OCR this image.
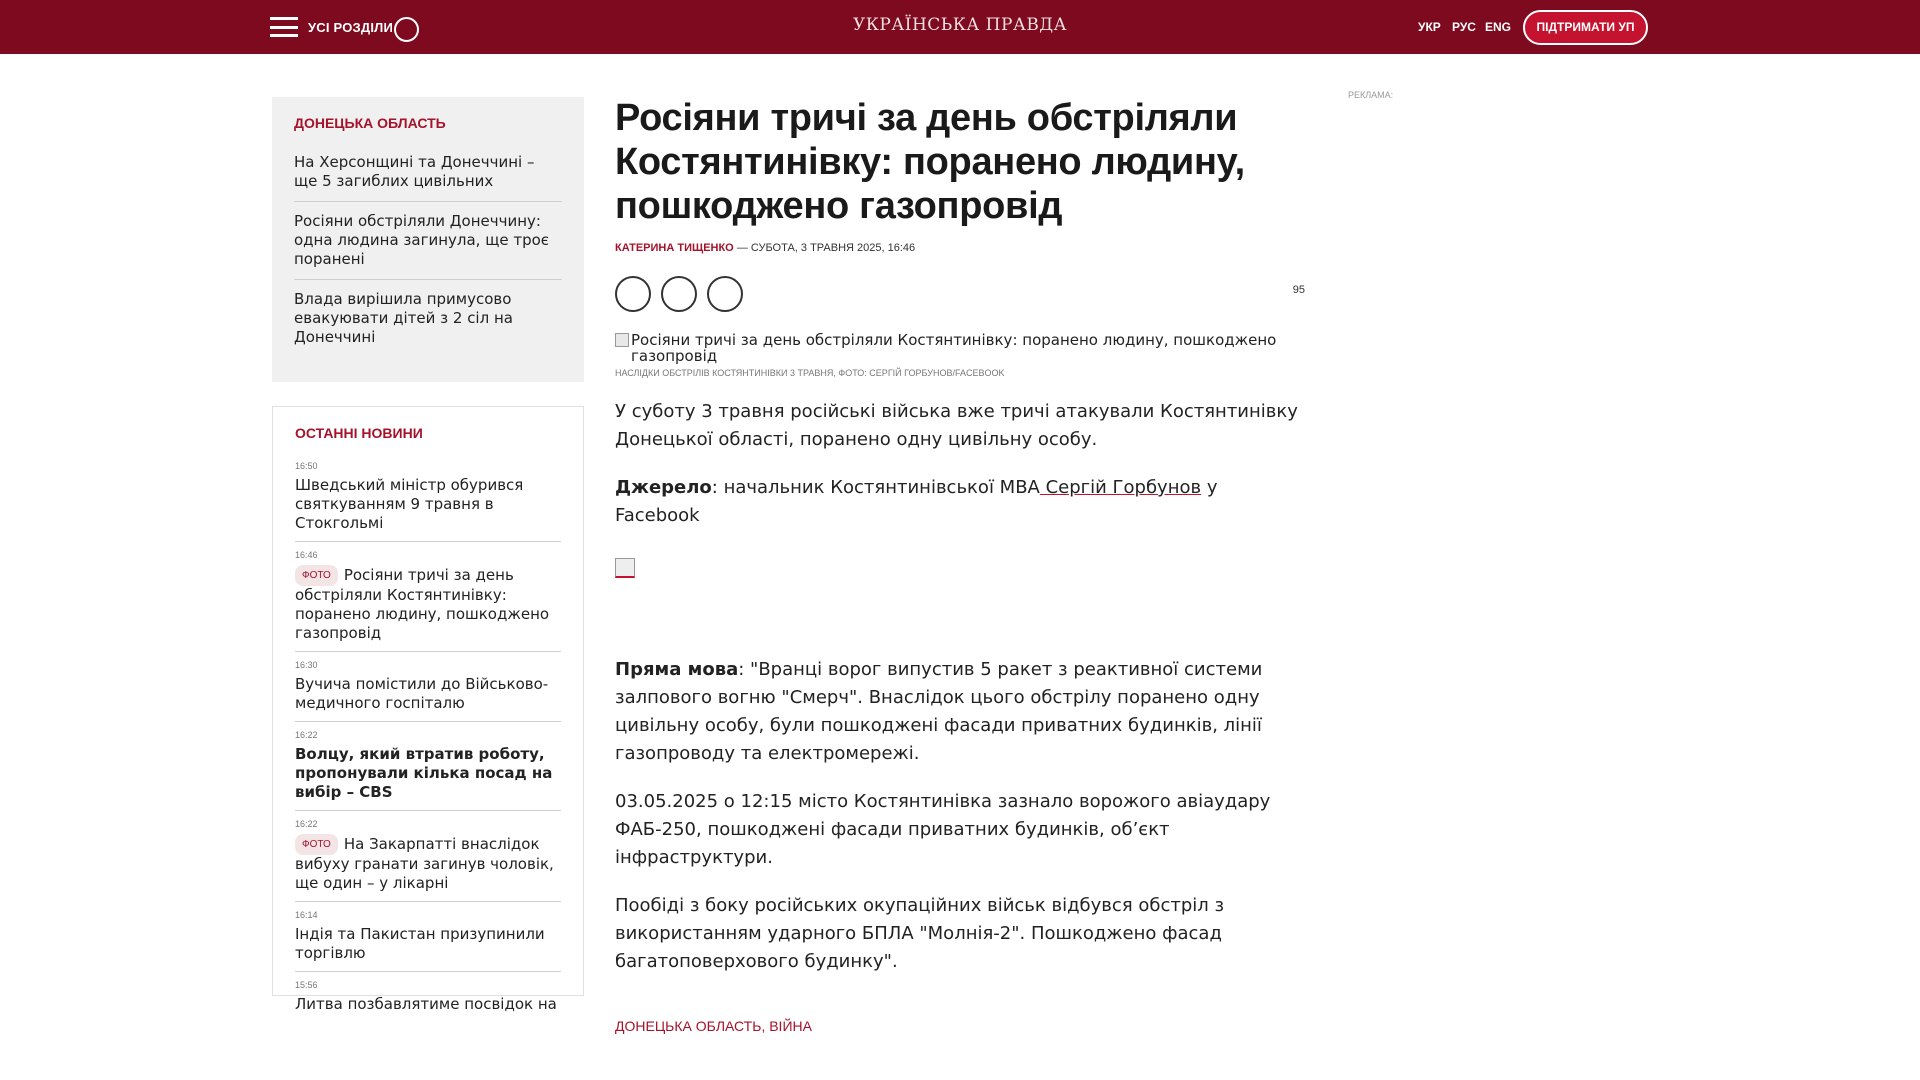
УСІ РОЗДІЛИ	УКРАЇНСЬКА ПРАВДА	УКР РУС ENG	ПІДТРИМАТИ УП
ДОНЕЦЬКА ОБЛАСТЬ
На Херсонщині та Донеччині – ще 5 загиблих цивільних
Росіяни обстріляли Донеччину: одна людина загинула, ще троє поранені
Влада вирішила примусово евакуювати дітей з 2 сіл на Донеччині
ОСТАННІ НОВИНИ
16:50
Шведський міністр обурився святкуванням 9 травня в Стокгольмі
16:46
ФОТО Росіяни тричі за день обстріляли Костянтинівку: поранено людину, пошкоджено газопровід
16:30
Вучича помістили до Військово-медичного госпіталю
16:22
Волцу, який втратив роботу, пропонували кілька посад на вибір – CBS
16:22
ФОТО На Закарпатті внаслідок вибуху гранати загинув чоловік, ще один – у лікарні
16:14
Індія та Пакистан призупинили торгівлю
15:56
Литва позбавлятиме посвідок на
Росіяни тричі за день обстріляли Костянтинівку: поранено людину, пошкоджено газопровід
КАТЕРИНА ТИЩЕНКО — СУБОТА, 3 ТРАВНЯ 2025, 16:46
95
Росіяни тричі за день обстріляли Костянтинівку: поранено людину, пошкоджено газопровід
НАСЛІДКИ ОБСТРІЛІВ КОСТЯНТИНІВКИ 3 ТРАВНЯ, ФОТО: СЕРГІЙ ГОРБУНОВ/FACEBOOK

У суботу 3 травня російські війська вже тричі атакували Костянтинівку Донецької області, поранено одну цивільну особу.

Джерело: начальник Костянтинівської МВА Сергій Горбунов у Facebook

Пряма мова: "Вранці ворог випустив 5 ракет з реактивної системи залпового вогню "Смерч". Внаслідок цього обстрілу поранено одну цивільну особу, були пошкоджені фасади приватних будинків, лінії газопроводу та електромережі.

03.05.2025 о 12:15 місто Костянтинівка зазнало ворожого авіаудару ФАБ-250, пошкоджені фасади приватних будинків, об’єкт інфраструктури.

Пообіді з боку російських окупаційних військ відбувся обстріл з використанням ударного БПЛА "Молнія-2". Пошкоджено фасад багатоповерхового будинку".

ДОНЕЦЬКА ОБЛАСТЬ, ВІЙНА
РЕКЛАМА:
